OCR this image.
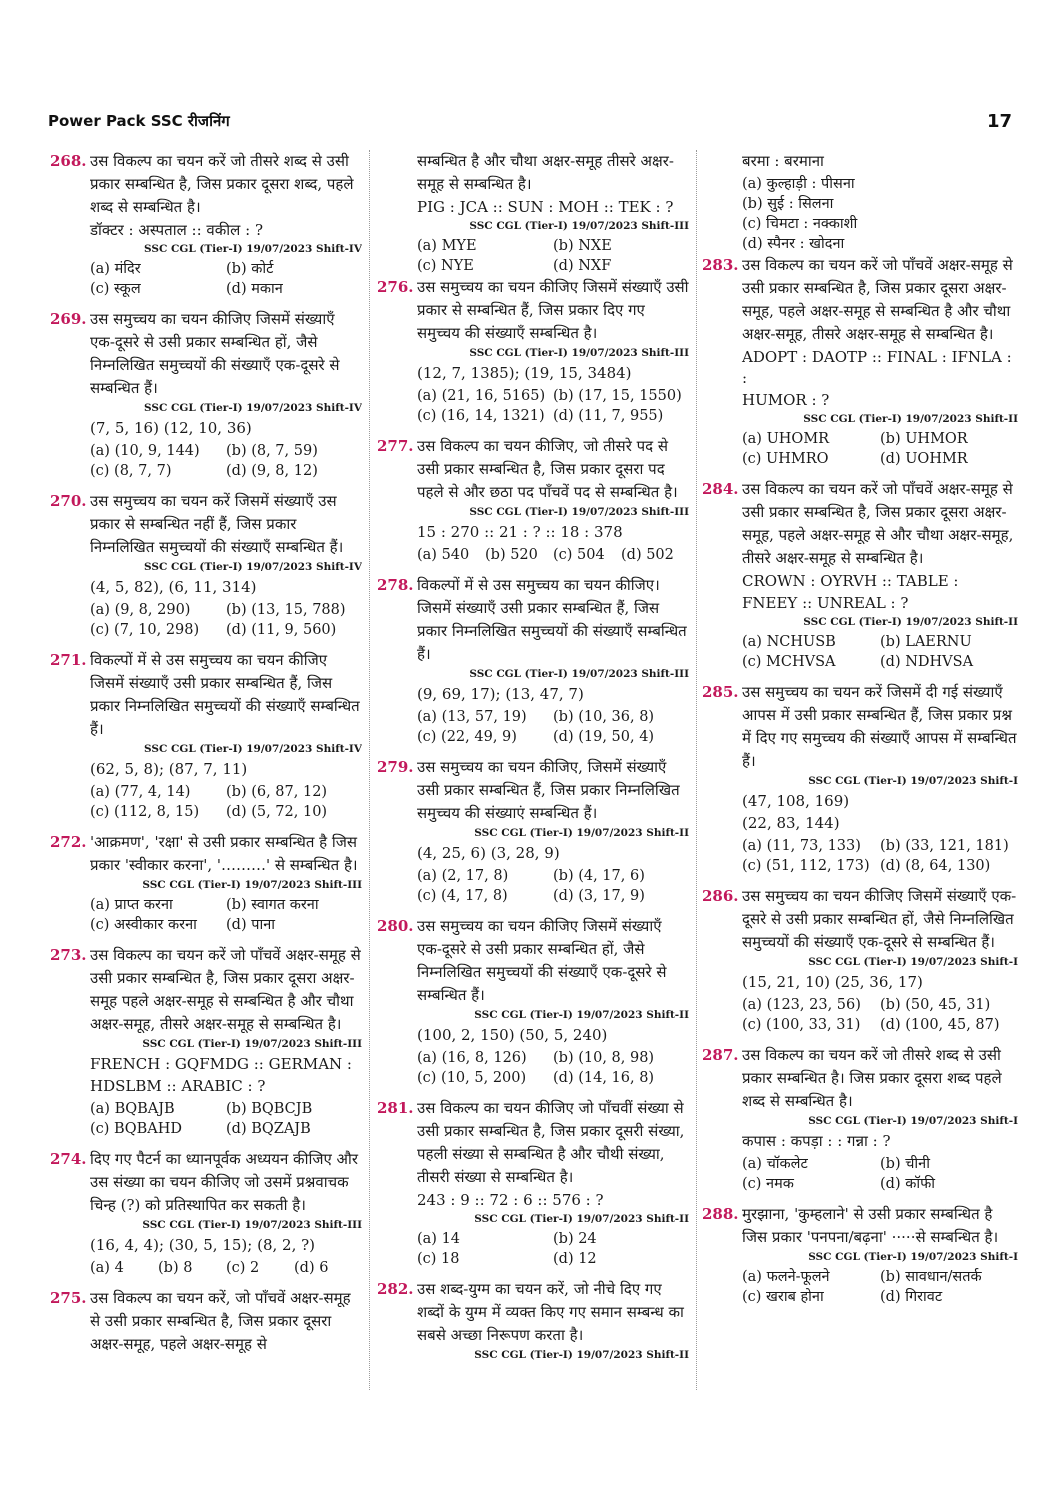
Power Pack SSC रीजनिंग	17
268. उस विकल्प का चयन करें जो तीसरे शब्द से उसी प्रकार सम्बन्धित है, जिस प्रकार दूसरा शब्द, पहले शब्द से सम्बन्धित है।
डॉक्टर : अस्पताल :: वकील : ?
SSC CGL (Tier-I) 19/07/2023 Shift-IV
(a) मंदिर	(b) कोर्ट
(c) स्कूल	(d) मकान
269. उस समुच्चय का चयन कीजिए जिसमें संख्याएँ एक-दूसरे से उसी प्रकार सम्बन्धित हों, जैसे निम्नलिखित समुच्चयों की संख्याएँ एक-दूसरे से सम्बन्धित हैं।
SSC CGL (Tier-I) 19/07/2023 Shift-IV
(7, 5, 16) (12, 10, 36)
(a) (10, 9, 144)	(b) (8, 7, 59)
(c) (8, 7, 7)	(d) (9, 8, 12)
270. उस समुच्चय का चयन करें जिसमें संख्याएँ उस प्रकार से सम्बन्धित नहीं हैं, जिस प्रकार निम्नलिखित समुच्चयों की संख्याएँ सम्बन्धित हैं।
SSC CGL (Tier-I) 19/07/2023 Shift-IV
(4, 5, 82), (6, 11, 314)
(a) (9, 8, 290)	(b) (13, 15, 788)
(c) (7, 10, 298)	(d) (11, 9, 560)
271. विकल्पों में से उस समुच्चय का चयन कीजिए जिसमें संख्याएँ उसी प्रकार सम्बन्धित हैं, जिस प्रकार निम्नलिखित समुच्चयों की संख्याएँ सम्बन्धित हैं।
SSC CGL (Tier-I) 19/07/2023 Shift-IV
(62, 5, 8); (87, 7, 11)
(a) (77, 4, 14)	(b) (6, 87, 12)
(c) (112, 8, 15)	(d) (5, 72, 10)
272. 'आक्रमण', 'रक्षा' से उसी प्रकार सम्बन्धित है जिस प्रकार 'स्वीकार करना', '………' से सम्बन्धित है।
SSC CGL (Tier-I) 19/07/2023 Shift-III
(a) प्राप्त करना	(b) स्वागत करना
(c) अस्वीकार करना	(d) पाना
273. उस विकल्प का चयन करें जो पाँचवें अक्षर-समूह से उसी प्रकार सम्बन्धित है, जिस प्रकार दूसरा अक्षर-समूह पहले अक्षर-समूह से सम्बन्धित है और चौथा अक्षर-समूह, तीसरे अक्षर-समूह से सम्बन्धित है।
SSC CGL (Tier-I) 19/07/2023 Shift-III
FRENCH : GQFMDG :: GERMAN :
HDSLBM :: ARABIC : ?
(a) BQBAJB	(b) BQBCJB
(c) BQBAHD	(d) BQZAJB
274. दिए गए पैटर्न का ध्यानपूर्वक अध्ययन कीजिए और उस संख्या का चयन कीजिए जो उसमें प्रश्नवाचक चिन्ह (?) को प्रतिस्थापित कर सकती है।
SSC CGL (Tier-I) 19/07/2023 Shift-III
(16, 4, 4); (30, 5, 15); (8, 2, ?)
(a) 4	(b) 8	(c) 2	(d) 6
275. उस विकल्प का चयन करें, जो पाँचवें अक्षर-समूह से उसी प्रकार सम्बन्धित है, जिस प्रकार दूसरा अक्षर-समूह, पहले अक्षर-समूह से
सम्बन्धित है और चौथा अक्षर-समूह तीसरे अक्षर-समूह से सम्बन्धित है।
PIG : JCA :: SUN : MOH :: TEK : ?
SSC CGL (Tier-I) 19/07/2023 Shift-III
(a) MYE	(b) NXE
(c) NYE	(d) NXF
276. उस समुच्चय का चयन कीजिए जिसमें संख्याएँ उसी प्रकार से सम्बन्धित हैं, जिस प्रकार दिए गए समुच्चय की संख्याएँ सम्बन्धित है।
SSC CGL (Tier-I) 19/07/2023 Shift-III
(12, 7, 1385); (19, 15, 3484)
(a) (21, 16, 5165) (b) (17, 15, 1550)
(c) (16, 14, 1321) (d) (11, 7, 955)
277. उस विकल्प का चयन कीजिए, जो तीसरे पद से उसी प्रकार सम्बन्धित है, जिस प्रकार दूसरा पद पहले से और छठा पद पाँचवें पद से सम्बन्धित है।
SSC CGL (Tier-I) 19/07/2023 Shift-III
15 : 270 :: 21 : ? :: 18 : 378
(a) 540	(b) 520	(c) 504	(d) 502
278. विकल्पों में से उस समुच्चय का चयन कीजिए। जिसमें संख्याएँ उसी प्रकार सम्बन्धित हैं, जिस प्रकार निम्नलिखित समुच्चयों की संख्याएँ सम्बन्धित हैं।
SSC CGL (Tier-I) 19/07/2023 Shift-III
(9, 69, 17); (13, 47, 7)
(a) (13, 57, 19)	(b) (10, 36, 8)
(c) (22, 49, 9)	(d) (19, 50, 4)
279. उस समुच्चय का चयन कीजिए, जिसमें संख्याएँ उसी प्रकार सम्बन्धित हैं, जिस प्रकार निम्नलिखित समुच्चय की संख्याएं सम्बन्धित हैं।
SSC CGL (Tier-I) 19/07/2023 Shift-II
(4, 25, 6) (3, 28, 9)
(a) (2, 17, 8)	(b) (4, 17, 6)
(c) (4, 17, 8)	(d) (3, 17, 9)
280. उस समुच्चय का चयन कीजिए जिसमें संख्याएँ एक-दूसरे से उसी प्रकार सम्बन्धित हों, जैसे निम्नलिखित समुच्चयों की संख्याएँ एक-दूसरे से सम्बन्धित हैं।
SSC CGL (Tier-I) 19/07/2023 Shift-II
(100, 2, 150) (50, 5, 240)
(a) (16, 8, 126)	(b) (10, 8, 98)
(c) (10, 5, 200)	(d) (14, 16, 8)
281. उस विकल्प का चयन कीजिए जो पाँचवीं संख्या से उसी प्रकार सम्बन्धित है, जिस प्रकार दूसरी संख्या, पहली संख्या से सम्बन्धित है और चौथी संख्या, तीसरी संख्या से सम्बन्धित है।
243 : 9 :: 72 : 6 :: 576 : ?
SSC CGL (Tier-I) 19/07/2023 Shift-II
(a) 14	(b) 24
(c) 18	(d) 12
282. उस शब्द-युग्म का चयन करें, जो नीचे दिए गए शब्दों के युग्म में व्यक्त किए गए समान सम्बन्ध का सबसे अच्छा निरूपण करता है।
SSC CGL (Tier-I) 19/07/2023 Shift-II
बरमा : बरमाना
(a) कुल्हाड़ी : पीसना
(b) सुई : सिलना
(c) चिमटा : नक्काशी
(d) स्पैनर : खोदना
283. उस विकल्प का चयन करें जो पाँचवें अक्षर-समूह से उसी प्रकार सम्बन्धित है, जिस प्रकार दूसरा अक्षर-समूह, पहले अक्षर-समूह से सम्बन्धित है और चौथा अक्षर-समूह, तीसरे अक्षर-समूह से सम्बन्धित है।
ADOPT : DAOTP :: FINAL : IFNLA : :
HUMOR : ?
SSC CGL (Tier-I) 19/07/2023 Shift-II
(a) UHOMR	(b) UHMOR
(c) UHMRO	(d) UOHMR
284. उस विकल्प का चयन करें जो पाँचवें अक्षर-समूह से उसी प्रकार सम्बन्धित है, जिस प्रकार दूसरा अक्षर-समूह, पहले अक्षर-समूह से और चौथा अक्षर-समूह, तीसरे अक्षर-समूह से सम्बन्धित है।
CROWN : OYRVH :: TABLE :
FNEEY :: UNREAL : ?
SSC CGL (Tier-I) 19/07/2023 Shift-II
(a) NCHUSB	(b) LAERNU
(c) MCHVSA	(d) NDHVSA
285. उस समुच्चय का चयन करें जिसमें दी गई संख्याएँ आपस में उसी प्रकार सम्बन्धित हैं, जिस प्रकार प्रश्न में दिए गए समुच्चय की संख्याएँ आपस में सम्बन्धित हैं।
SSC CGL (Tier-I) 19/07/2023 Shift-I
(47, 108, 169)
(22, 83, 144)
(a) (11, 73, 133)	(b) (33, 121, 181)
(c) (51, 112, 173) (d) (8, 64, 130)
286. उस समुच्चय का चयन कीजिए जिसमें संख्याएँ एक-दूसरे से उसी प्रकार सम्बन्धित हों, जैसे निम्नलिखित समुच्चयों की संख्याएँ एक-दूसरे से सम्बन्धित हैं।
SSC CGL (Tier-I) 19/07/2023 Shift-I
(15, 21, 10) (25, 36, 17)
(a) (123, 23, 56)	(b) (50, 45, 31)
(c) (100, 33, 31)	(d) (100, 45, 87)
287. उस विकल्प का चयन करें जो तीसरे शब्द से उसी प्रकार सम्बन्धित है। जिस प्रकार दूसरा शब्द पहले शब्द से सम्बन्धित है।
SSC CGL (Tier-I) 19/07/2023 Shift-I
कपास : कपड़ा : : गन्ना : ?
(a) चॉकलेट	(b) चीनी
(c) नमक	(d) कॉफी
288. मुरझाना, 'कुम्हलाने' से उसी प्रकार सम्बन्धित है जिस प्रकार 'पनपना/बढ़ना' ·····से सम्बन्धित है।
SSC CGL (Tier-I) 19/07/2023 Shift-I
(a) फलने-फूलने	(b) सावधान/सतर्क
(c) खराब होना	(d) गिरावट
